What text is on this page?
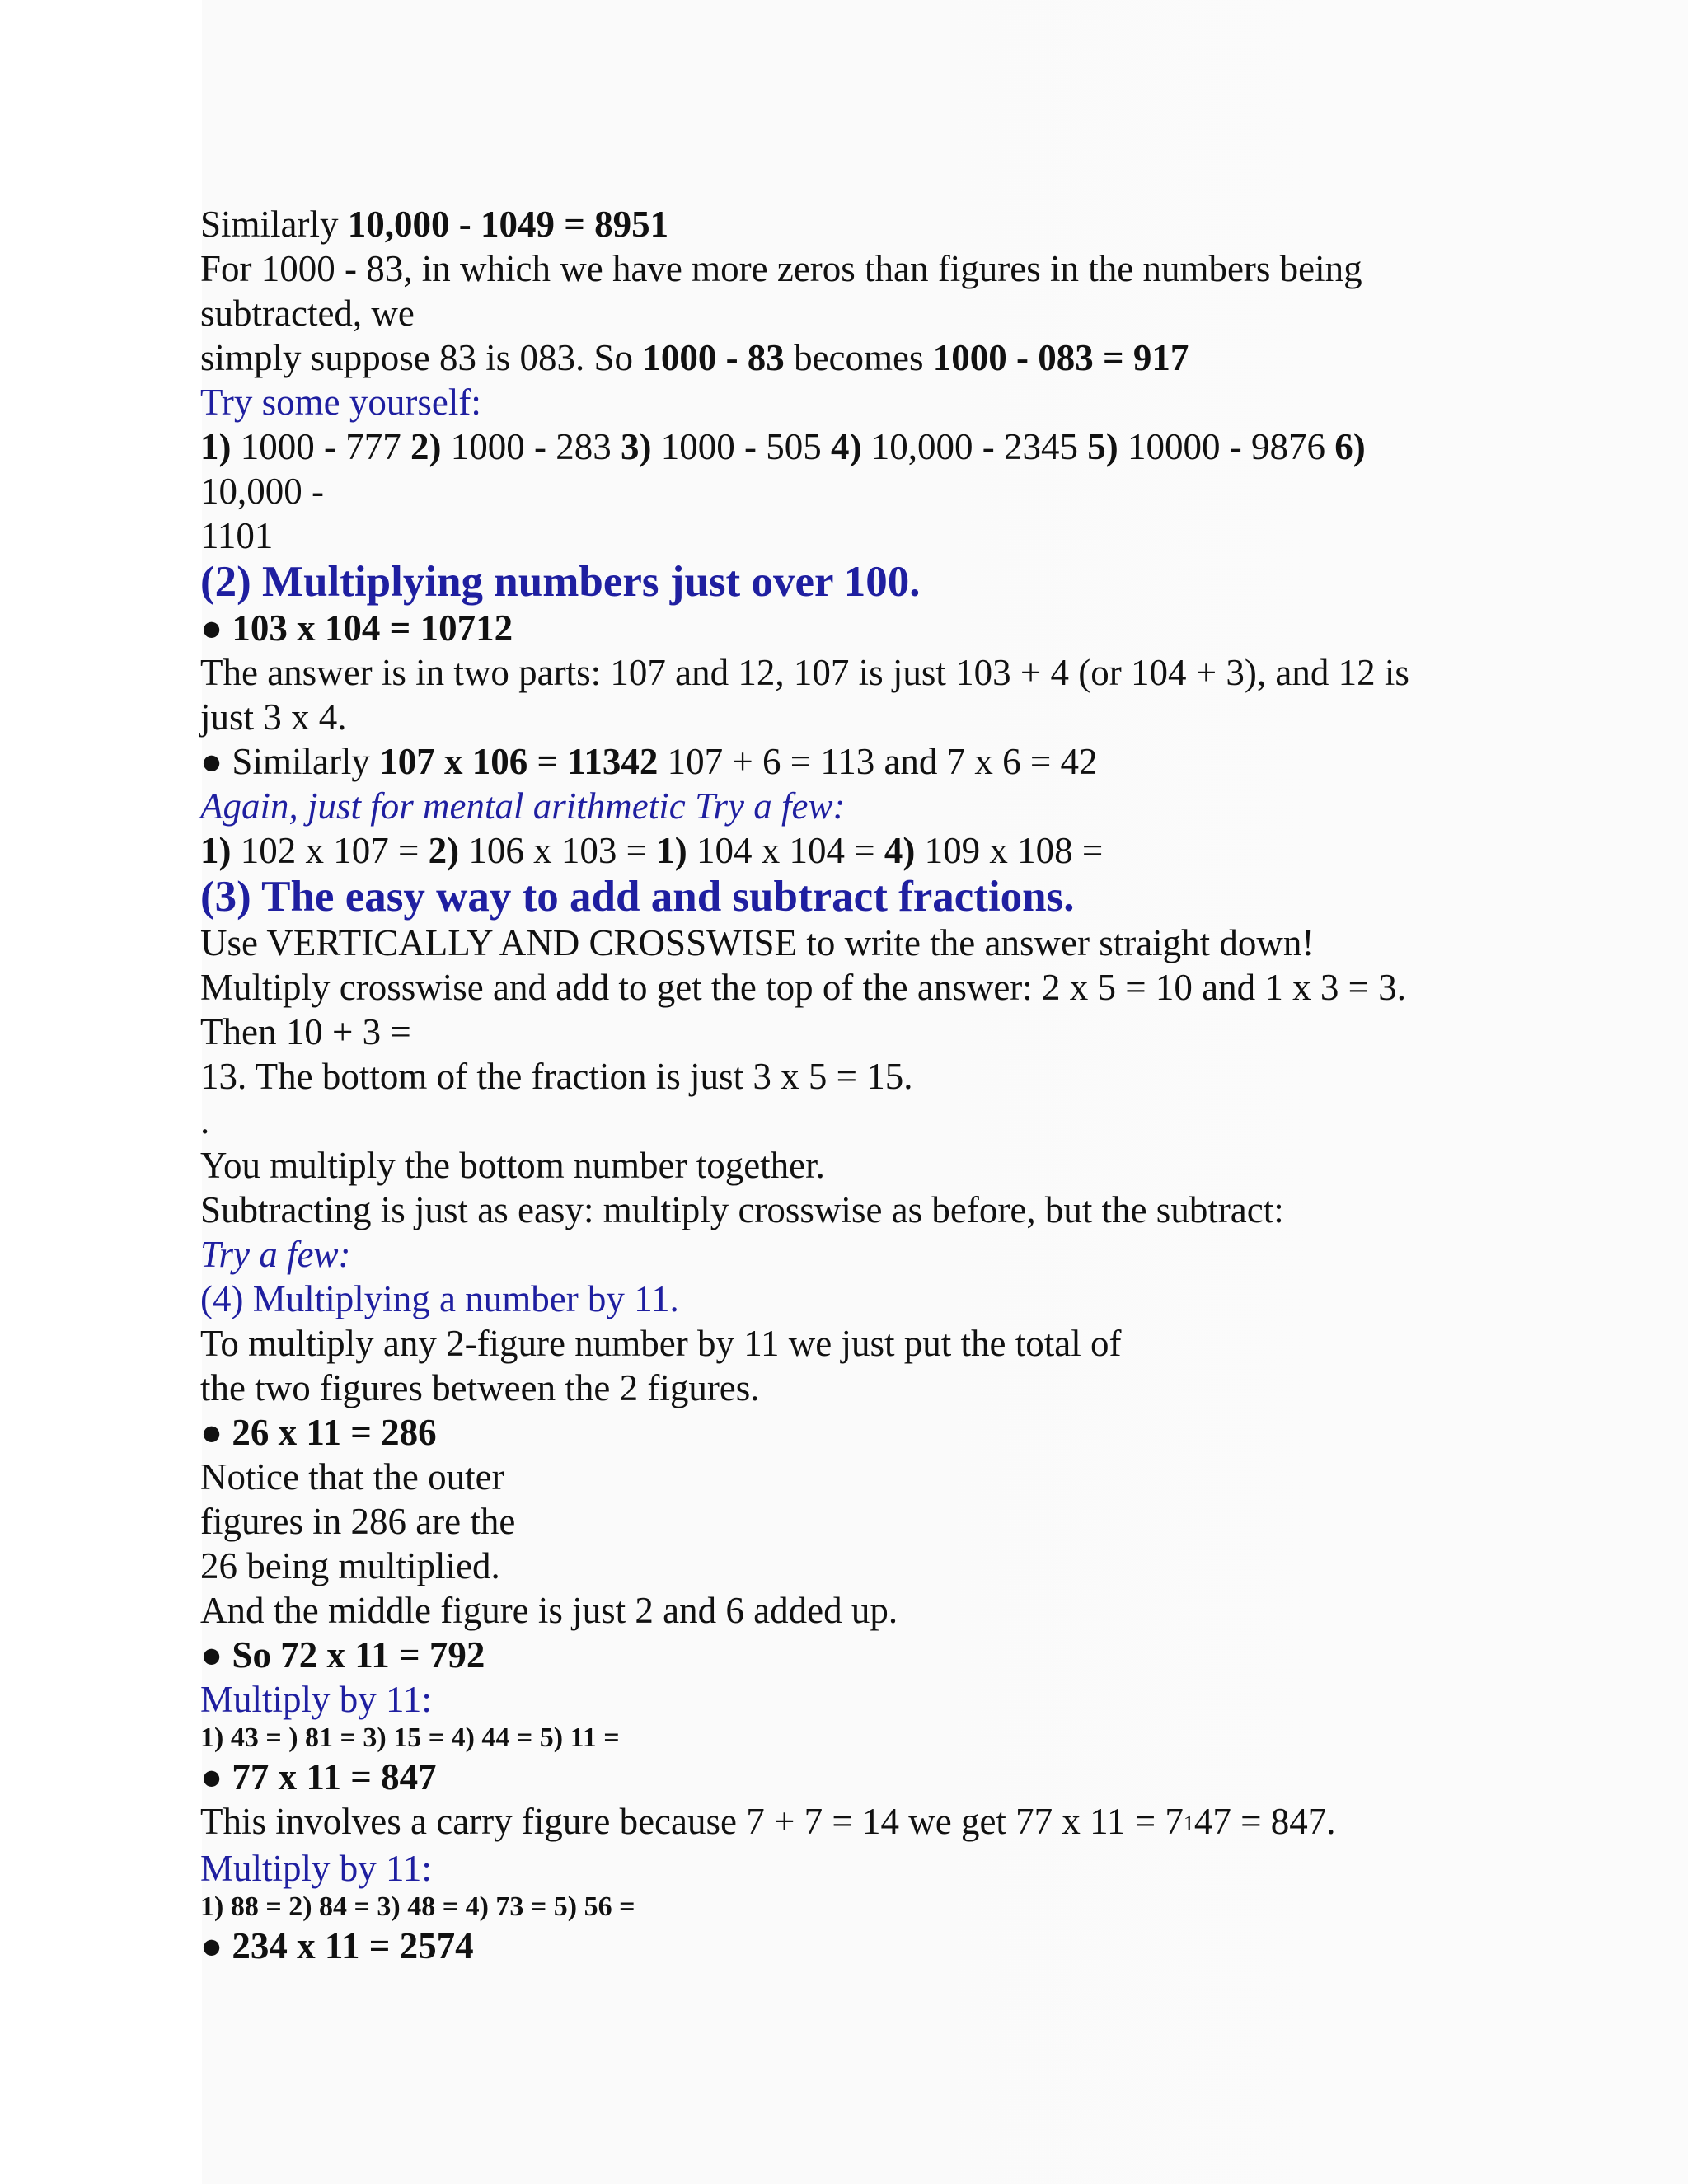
Similarly 10,000 - 1049 = 8951

For 1000 - 83, in which we have more zeros than figures in the numbers being

subtracted, we

simply suppose 83 is 083. So 1000 - 83 becomes 1000 - 083 = 917

Try some yourself:

1) 1000 - 777 2) 1000 - 283 3) 1000 - 505 4) 10,000 - 2345 5) 10000 - 9876 6)

10,000 -

1101

(2) Multiplying numbers just over 100.

● 103 x 104 = 10712

The answer is in two parts: 107 and 12, 107 is just 103 + 4 (or 104 + 3), and 12 is

just 3 x 4.

● Similarly 107 x 106 = 11342 107 + 6 = 113 and 7 x 6 = 42

Again, just for mental arithmetic Try a few:

1) 102 x 107 = 2) 106 x 103 = 1) 104 x 104 = 4) 109 x 108 =

(3) The easy way to add and subtract fractions.

Use VERTICALLY AND CROSSWISE to write the answer straight down!

Multiply crosswise and add to get the top of the answer: 2 x 5 = 10 and 1 x 3 = 3.

Then 10 + 3 =

13. The bottom of the fraction is just 3 x 5 = 15.

.

You multiply the bottom number together.

Subtracting is just as easy: multiply crosswise as before, but the subtract:

Try a few:

(4) Multiplying a number by 11.

To multiply any 2-figure number by 11 we just put the total of

the two figures between the 2 figures.

● 26 x 11 = 286

Notice that the outer

figures in 286 are the

26 being multiplied.

And the middle figure is just 2 and 6 added up.

● So 72 x 11 = 792

Multiply by 11:

1) 43 = ) 81 = 3) 15 = 4) 44 = 5) 11 =

● 77 x 11 = 847

This involves a carry figure because 7 + 7 = 14 we get 77 x 11 = 7147 = 847.

Multiply by 11:

1) 88 = 2) 84 = 3) 48 = 4) 73 = 5) 56 =

● 234 x 11 = 2574
